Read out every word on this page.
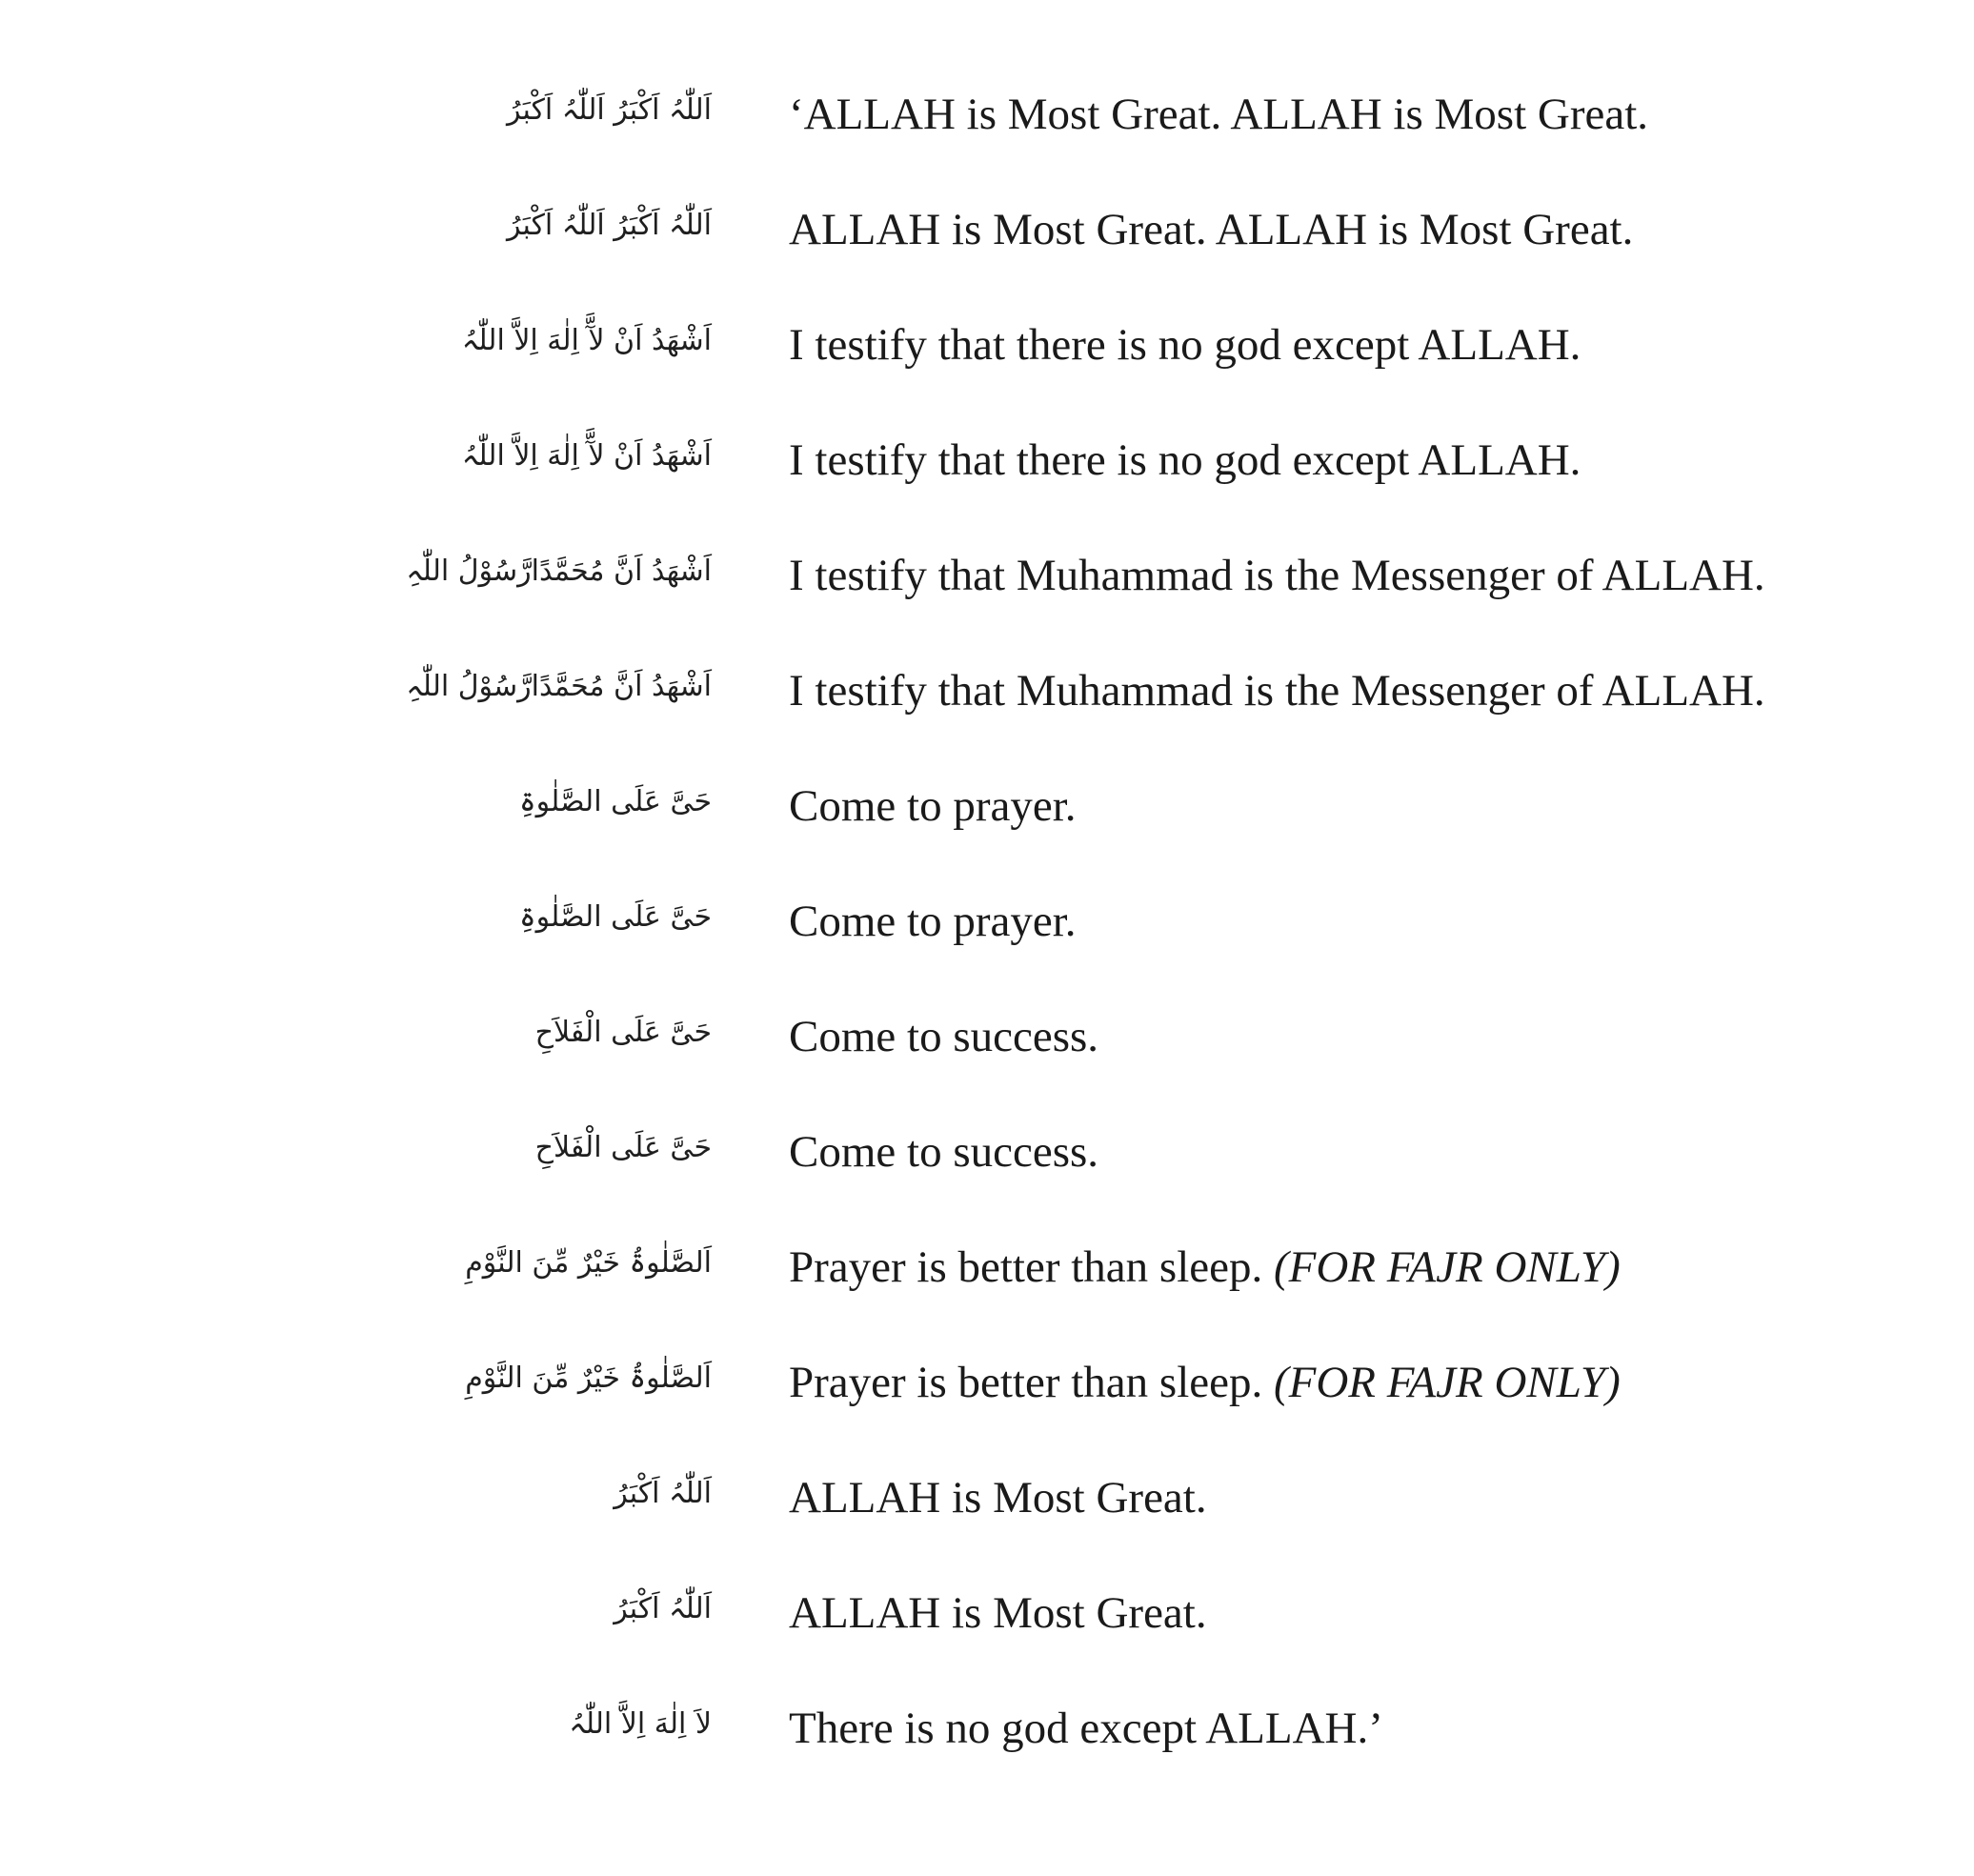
اَللّٰہُ اَکْبَرُ اَللّٰہُ اَکْبَرُ ‘ALLAH is Most Great. ALLAH is Most Great.
اَللّٰہُ اَکْبَرُ اَللّٰہُ اَکْبَرُ ALLAH is Most Great. ALLAH is Most Great.
اَشْھَدُ اَنْ لآَّ اِلٰهَ اِلاَّ اللّٰہُ I testify that there is no god except ALLAH.
اَشْھَدُ اَنْ لآَّ اِلٰهَ اِلاَّ اللّٰہُ I testify that there is no god except ALLAH.
اَشْھَدُ اَنَّ مُحَمَّدًارَّسُوْلُ اللّٰہِ I testify that Muhammad is the Messenger of ALLAH.
اَشْھَدُ اَنَّ مُحَمَّدًارَّسُوْلُ اللّٰہِ I testify that Muhammad is the Messenger of ALLAH.
حَیَّ عَلَی الصَّلٰوۃِ Come to prayer.
حَیَّ عَلَی الصَّلٰوۃِ Come to prayer.
حَیَّ عَلَی الْفَلاَحِ Come to success.
حَیَّ عَلَی الْفَلاَحِ Come to success.
اَلصَّلٰوۃُ خَیْرٌ مِّنَ النَّوْمِ Prayer is better than sleep. (FOR FAJR ONLY)
اَلصَّلٰوۃُ خَیْرٌ مِّنَ النَّوْمِ Prayer is better than sleep. (FOR FAJR ONLY)
اَللّٰہُ اَکْبَرُ ALLAH is Most Great.
اَللّٰہُ اَکْبَرُ ALLAH is Most Great.
لاَ اِلٰهَ اِلاَّ اللّٰہُ There is no god except ALLAH.’
